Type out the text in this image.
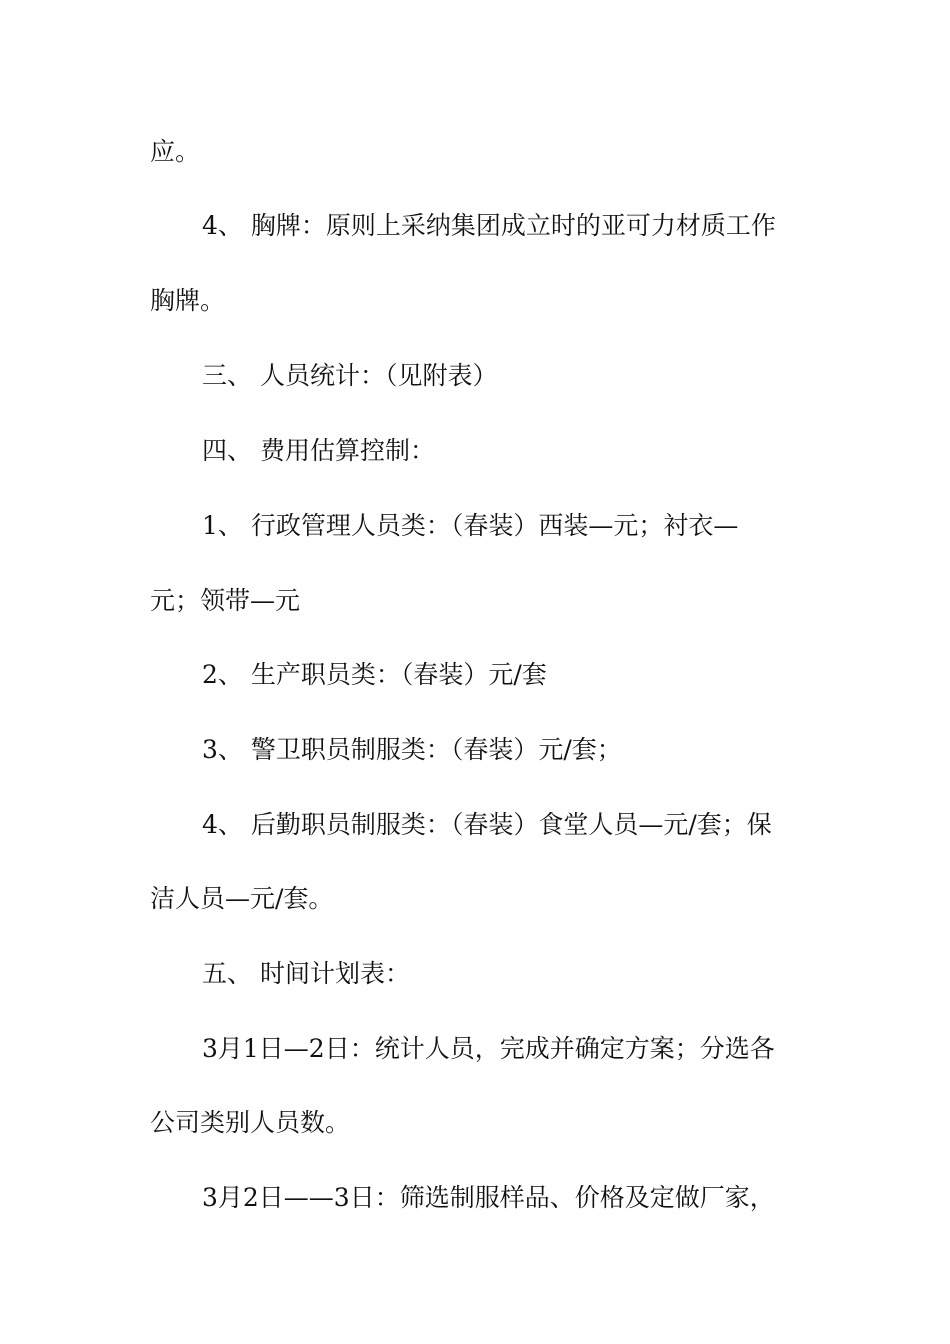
应。
4、 胸牌：原则上采纳集团成立时的亚可力材质工作
胸牌。
三、 人员统计：（见附表）
四、 费用估算控制：
1、 行政管理人员类：（春装）西装—元；衬衣—
元；领带—元
2、 生产职员类：（春装）元/套
3、 警卫职员制服类：（春装）元/套；
4、 后勤职员制服类：（春装）食堂人员—元/套；保
洁人员—元/套。
五、 时间计划表：
3月1日—2日：统计人员，完成并确定方案；分选各
公司类别人员数。
3月2日——3日：筛选制服样品、价格及定做厂家，
